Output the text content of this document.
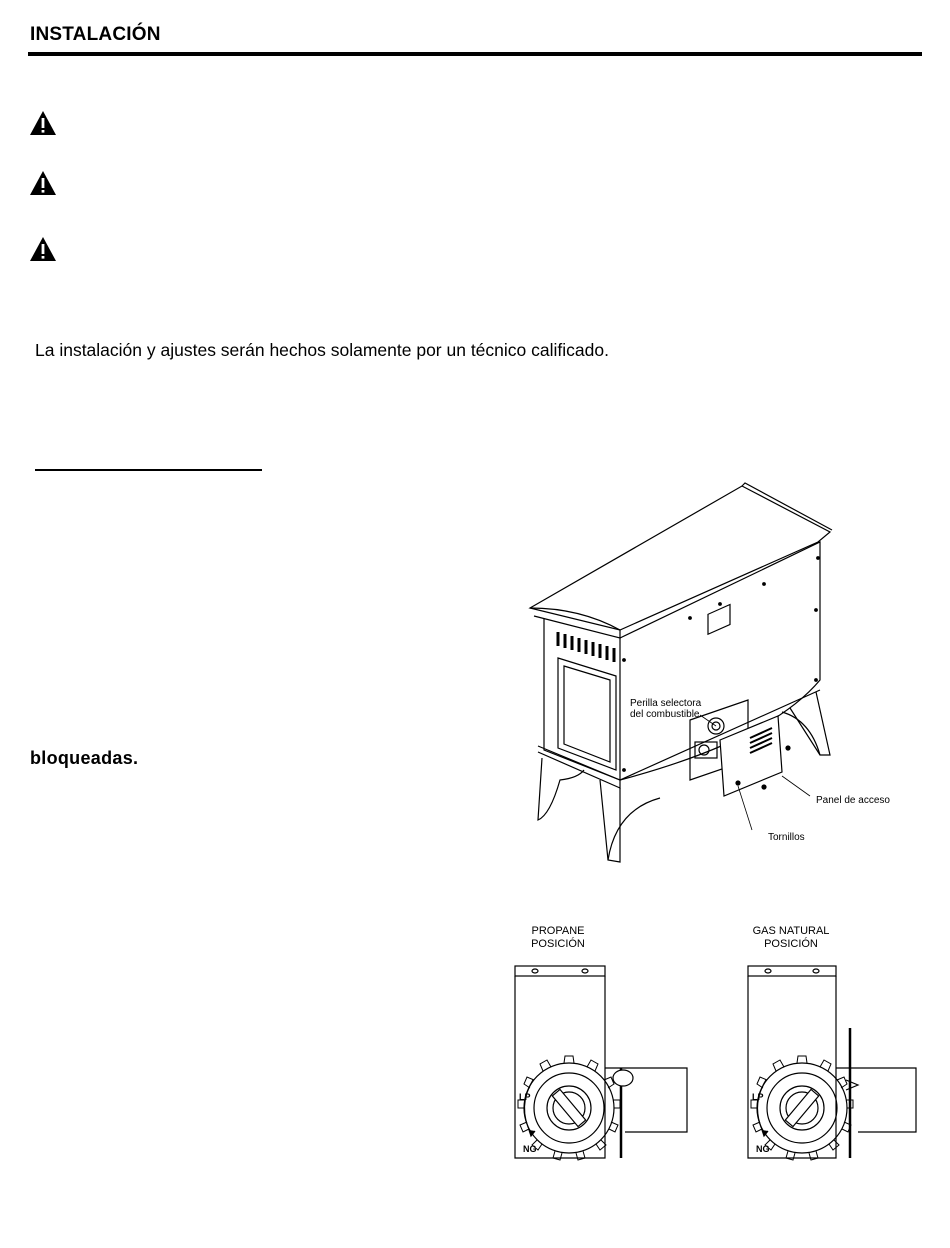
INSTALACIÓN
La instalación y ajustes serán hechos solamente por un técnico calificado.
bloqueadas.
Perilla selectora
del combustible
Panel de acceso
Tornillos
PROPANE
POSICIÓN
LP
NG
GAS NATURAL
POSICIÓN
LP
NG
